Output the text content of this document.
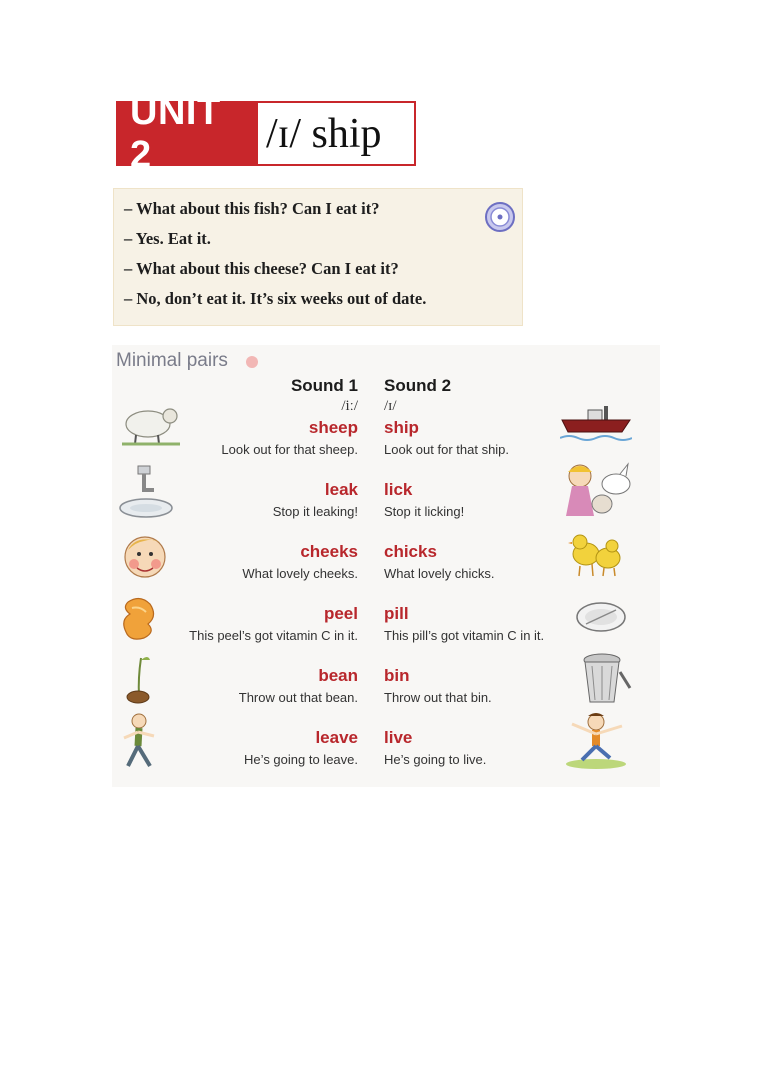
UNIT 2	/ɪ/ ship
– What about this fish? Can I eat it?
– Yes. Eat it.
– What about this cheese? Can I eat it?
– No, don’t eat it. It’s six weeks out of date.
Minimal pairs
Sound 1 Sound 2
/iː/ /ɪ/
sheep
Look out for that sheep.
ship
Look out for that ship.
leak
Stop it leaking!
lick
Stop it licking!
cheeks
What lovely cheeks.
chicks
What lovely chicks.
peel
This peel’s got vitamin C in it.
pill
This pill’s got vitamin C in it.
bean
Throw out that bean.
bin
Throw out that bin.
leave
He’s going to leave.
live
He’s going to live.
